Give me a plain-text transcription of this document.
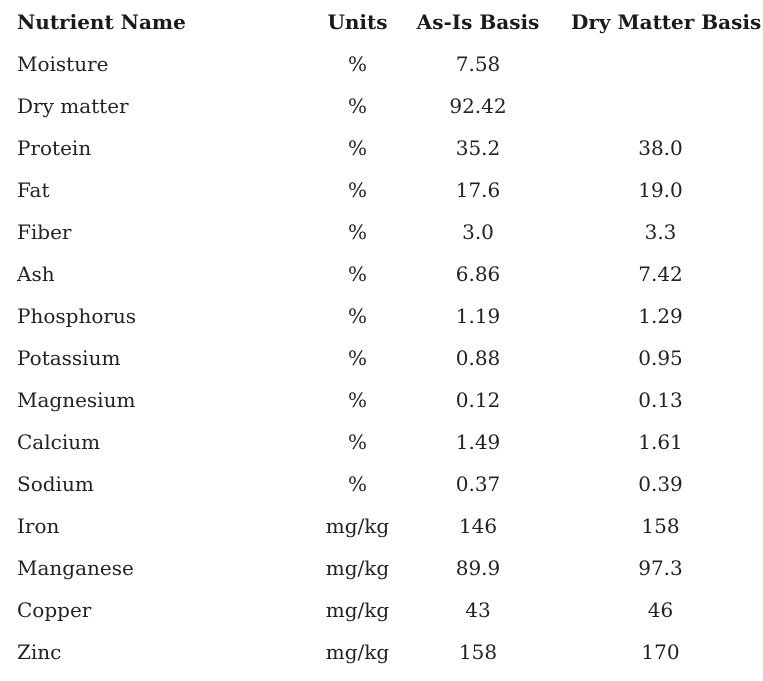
Nutrient Name	Units	As-Is Basis	Dry Matter Basis
Moisture	%	7.58	
Dry matter	%	92.42	
Protein	%	35.2	38.0
Fat	%	17.6	19.0
Fiber	%	3.0	3.3
Ash	%	6.86	7.42
Phosphorus	%	1.19	1.29
Potassium	%	0.88	0.95
Magnesium	%	0.12	0.13
Calcium	%	1.49	1.61
Sodium	%	0.37	0.39
Iron	mg/kg	146	158
Manganese	mg/kg	89.9	97.3
Copper	mg/kg	43	46
Zinc	mg/kg	158	170
